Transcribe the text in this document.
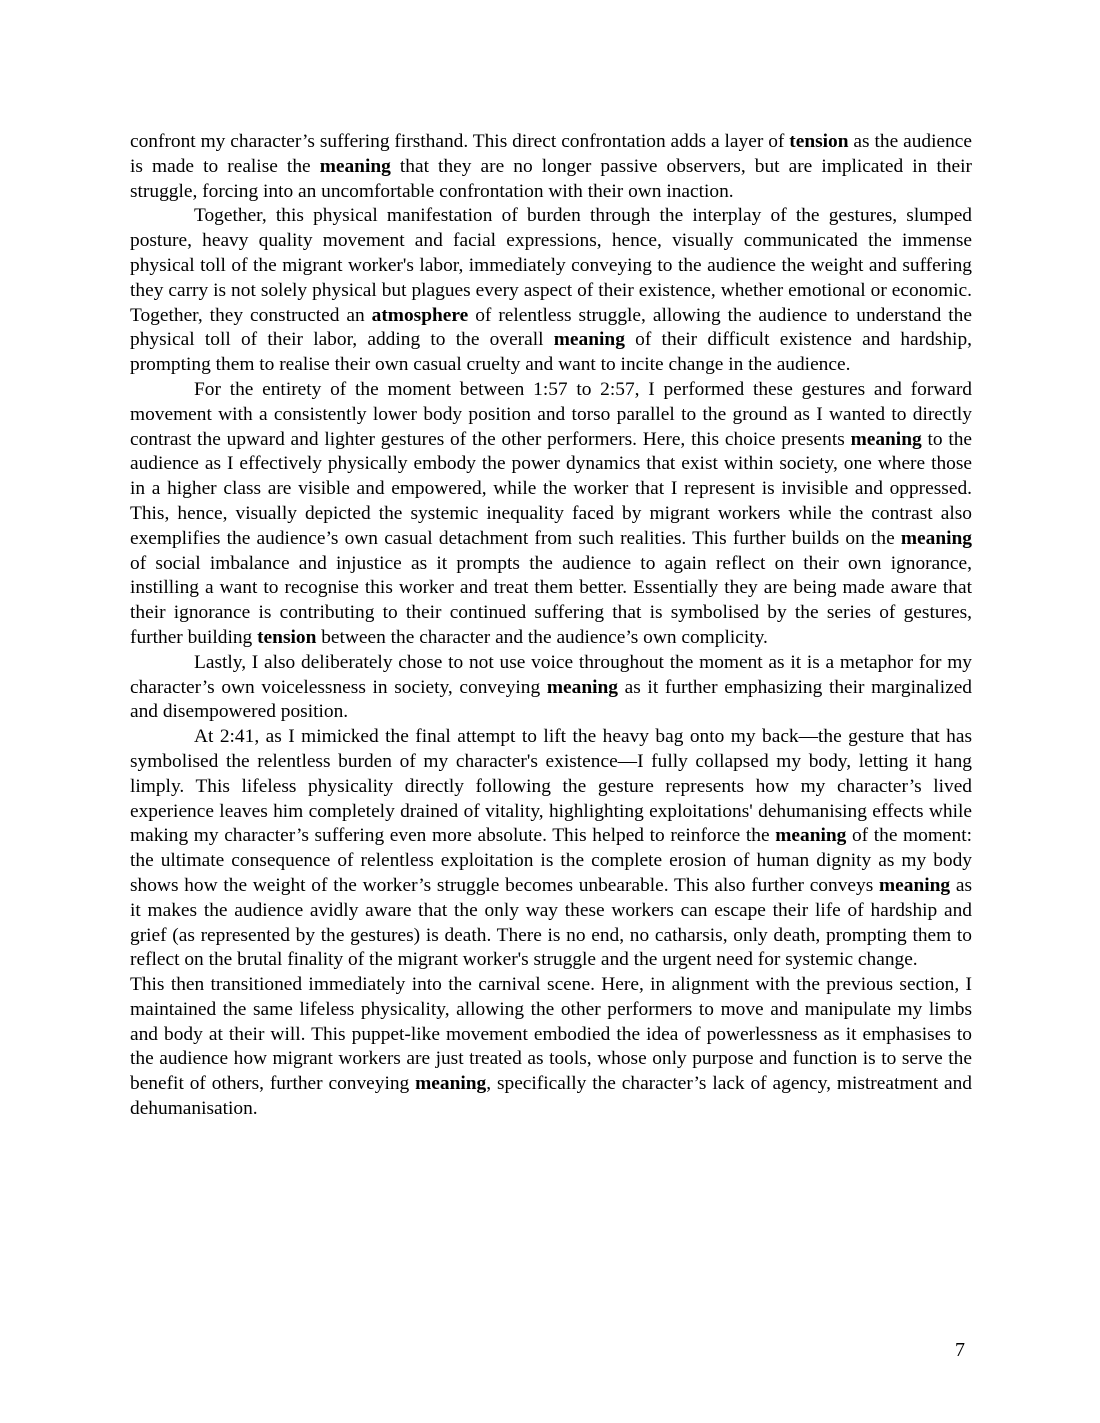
confront my character’s suffering firsthand. This direct confrontation adds a layer of tension as the audience is made to realise the meaning that they are no longer passive observers, but are implicated in their struggle, forcing into an uncomfortable confrontation with their own inaction.

Together, this physical manifestation of burden through the interplay of the gestures, slumped posture, heavy quality movement and facial expressions, hence, visually communicated the immense physical toll of the migrant worker's labor, immediately conveying to the audience the weight and suffering they carry is not solely physical but plagues every aspect of their existence, whether emotional or economic. Together, they constructed an atmosphere of relentless struggle, allowing the audience to understand the physical toll of their labor, adding to the overall meaning of their difficult existence and hardship, prompting them to realise their own casual cruelty and want to incite change in the audience.

For the entirety of the moment between 1:57 to 2:57, I performed these gestures and forward movement with a consistently lower body position and torso parallel to the ground as I wanted to directly contrast the upward and lighter gestures of the other performers. Here, this choice presents meaning to the audience as I effectively physically embody the power dynamics that exist within society, one where those in a higher class are visible and empowered, while the worker that I represent is invisible and oppressed. This, hence, visually depicted the systemic inequality faced by migrant workers while the contrast also exemplifies the audience’s own casual detachment from such realities. This further builds on the meaning of social imbalance and injustice as it prompts the audience to again reflect on their own ignorance, instilling a want to recognise this worker and treat them better. Essentially they are being made aware that their ignorance is contributing to their continued suffering that is symbolised by the series of gestures, further building tension between the character and the audience’s own complicity.

Lastly, I also deliberately chose to not use voice throughout the moment as it is a metaphor for my character’s own voicelessness in society, conveying meaning as it further emphasizing their marginalized and disempowered position.

At 2:41, as I mimicked the final attempt to lift the heavy bag onto my back—the gesture that has symbolised the relentless burden of my character's existence—I fully collapsed my body, letting it hang limply. This lifeless physicality directly following the gesture represents how my character’s lived experience leaves him completely drained of vitality, highlighting exploitations' dehumanising effects while making my character’s suffering even more absolute. This helped to reinforce the meaning of the moment: the ultimate consequence of relentless exploitation is the complete erosion of human dignity as my body shows how the weight of the worker’s struggle becomes unbearable. This also further conveys meaning as it makes the audience avidly aware that the only way these workers can escape their life of hardship and grief (as represented by the gestures) is death. There is no end, no catharsis, only death, prompting them to reflect on the brutal finality of the migrant worker's struggle and the urgent need for systemic change.

This then transitioned immediately into the carnival scene. Here, in alignment with the previous section, I maintained the same lifeless physicality, allowing the other performers to move and manipulate my limbs and body at their will. This puppet-like movement embodied the idea of powerlessness as it emphasises to the audience how migrant workers are just treated as tools, whose only purpose and function is to serve the benefit of others, further conveying meaning, specifically the character’s lack of agency, mistreatment and dehumanisation.

7
